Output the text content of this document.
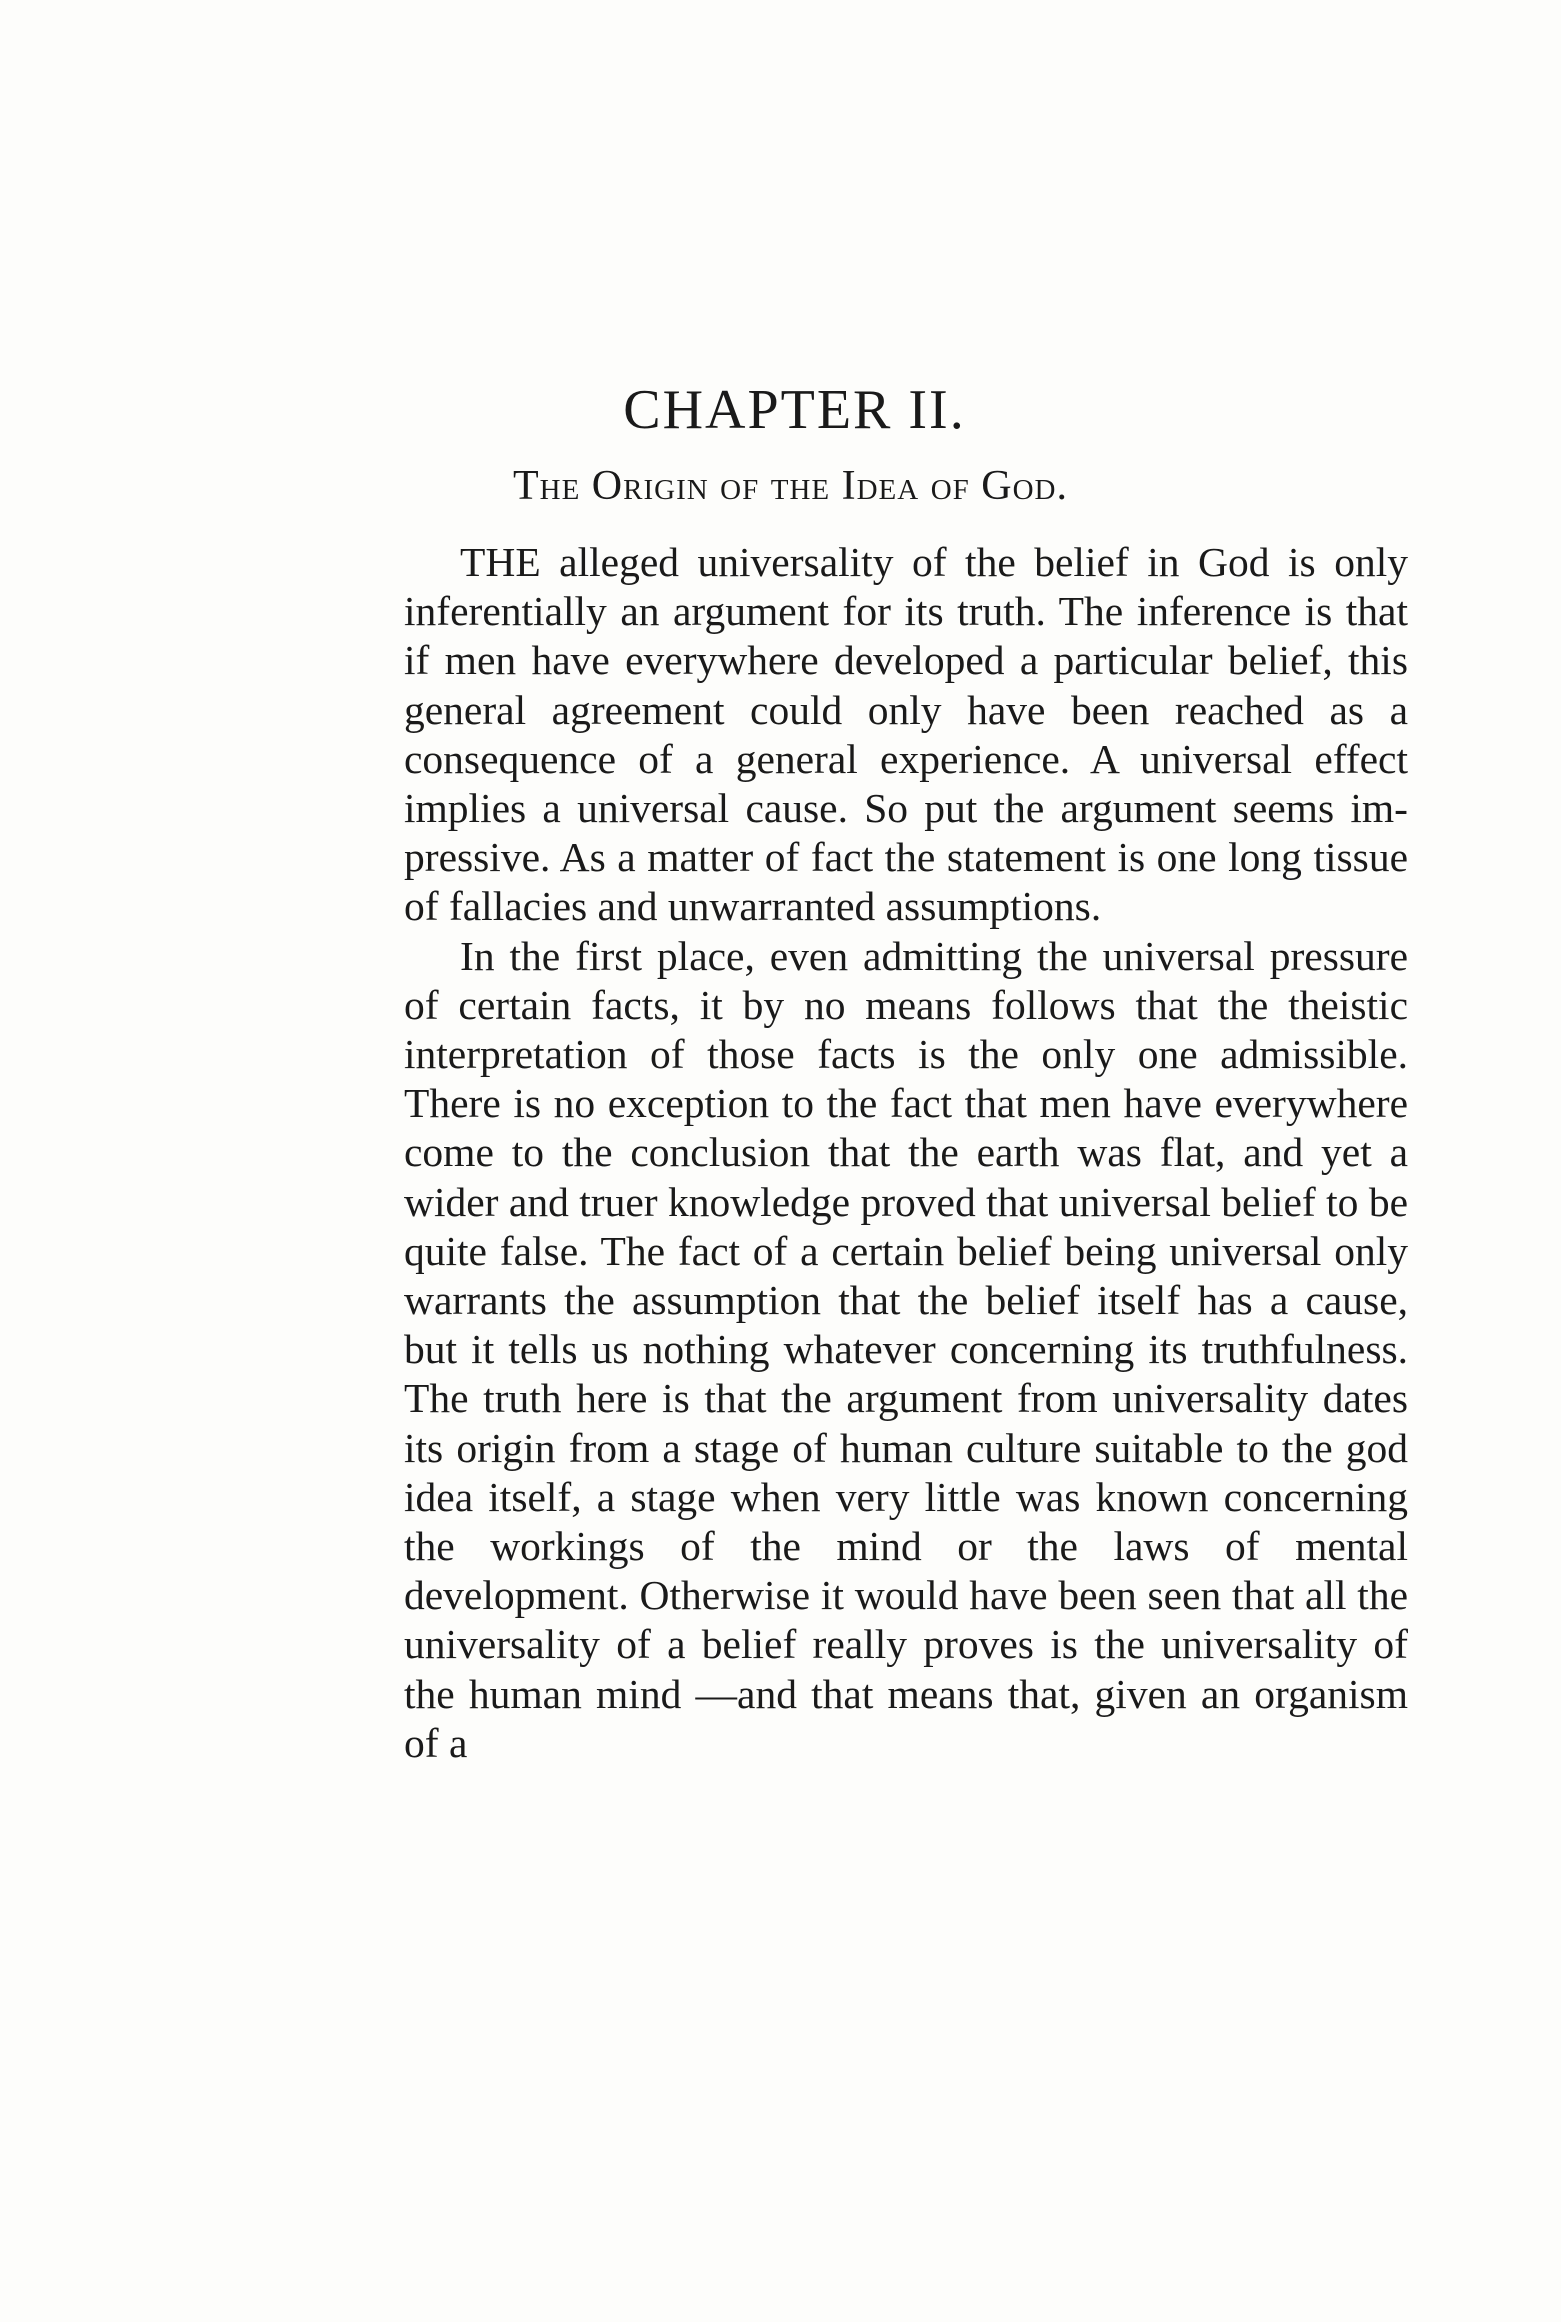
CHAPTER II.
The Origin of the Idea of God.

THE alleged universality of the belief in God is only inferentially an argument for its truth. The inference is that if men have everywhere developed a particular belief, this general agreement could only have been reached as a consequence of a general experience. A universal effect implies a universal cause. So put the argument seems impressive. As a matter of fact the statement is one long tissue of fallacies and unwarranted assumptions.

In the first place, even admitting the universal pressure of certain facts, it by no means follows that the theistic interpretation of those facts is the only one admissible. There is no exception to the fact that men have everywhere come to the conclusion that the earth was flat, and yet a wider and truer knowledge proved that universal belief to be quite false. The fact of a certain belief being universal only warrants the assumption that the belief itself has a cause, but it tells us nothing whatever concerning its truthfulness. The truth here is that the argument from universality dates its origin from a stage of human culture suitable to the god idea itself, a stage when very little was known concerning the workings of the mind or the laws of mental development. Otherwise it would have been seen that all the universality of a belief really proves is the universality of the human mind —and that means that, given an organism of a
